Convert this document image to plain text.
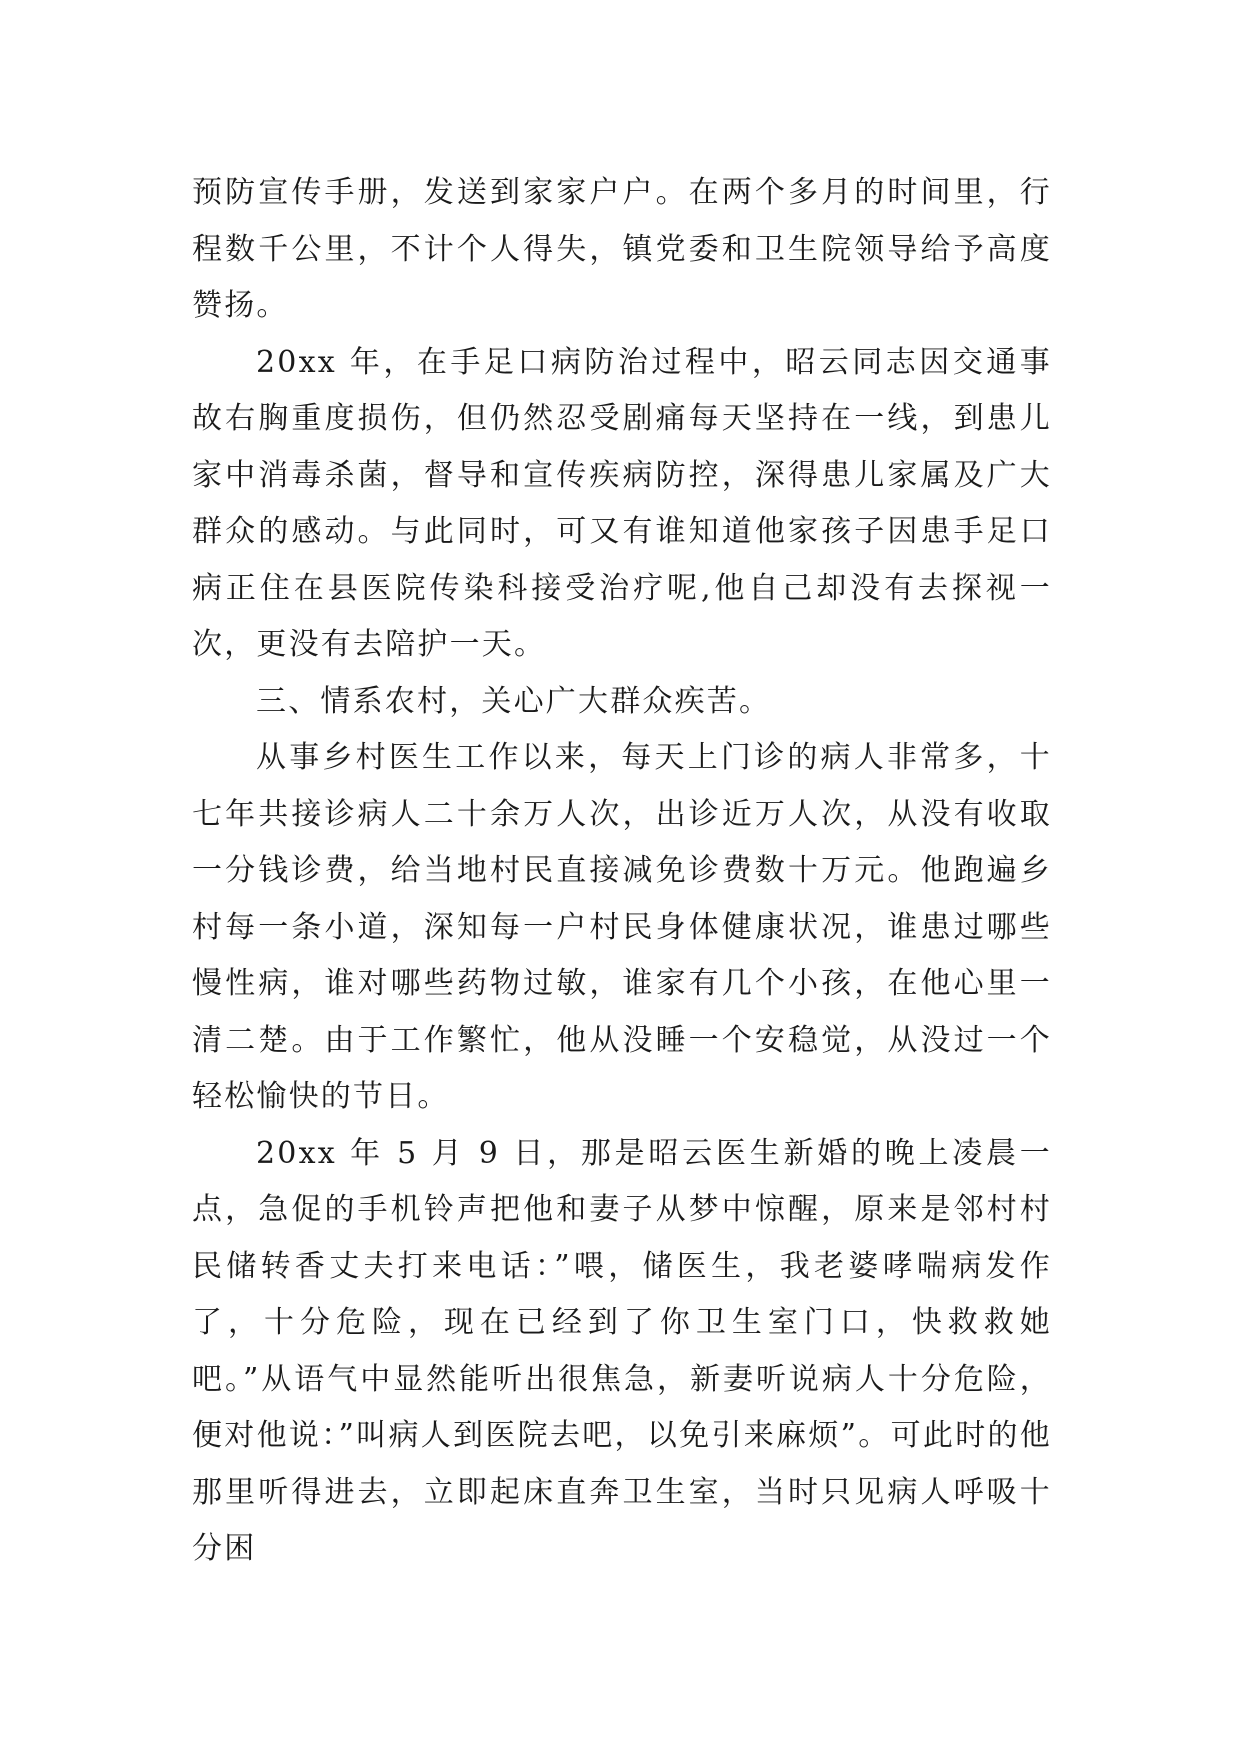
预防宣传手册，发送到家家户户。在两个多月的时间里，行程数千公里，不计个人得失，镇党委和卫生院领导给予高度赞扬。

20xx 年，在手足口病防治过程中，昭云同志因交通事故右胸重度损伤，但仍然忍受剧痛每天坚持在一线，到患儿家中消毒杀菌，督导和宣传疾病防控，深得患儿家属及广大群众的感动。与此同时，可又有谁知道他家孩子因患手足口病正住在县医院传染科接受治疗呢,他自己却没有去探视一次，更没有去陪护一天。

三、情系农村，关心广大群众疾苦。

从事乡村医生工作以来，每天上门诊的病人非常多，十七年共接诊病人二十余万人次，出诊近万人次，从没有收取一分钱诊费，给当地村民直接减免诊费数十万元。他跑遍乡村每一条小道，深知每一户村民身体健康状况，谁患过哪些慢性病，谁对哪些药物过敏，谁家有几个小孩，在他心里一清二楚。由于工作繁忙，他从没睡一个安稳觉，从没过一个轻松愉快的节日。

20xx 年 5 月 9 日，那是昭云医生新婚的晚上凌晨一点，急促的手机铃声把他和妻子从梦中惊醒，原来是邻村村民储转香丈夫打来电话：”喂，储医生，我老婆哮喘病发作了，十分危险，现在已经到了你卫生室门口，快救救她吧。”从语气中显然能听出很焦急，新妻听说病人十分危险，便对他说：”叫病人到医院去吧，以免引来麻烦”。可此时的他那里听得进去，立即起床直奔卫生室，当时只见病人呼吸十分困
